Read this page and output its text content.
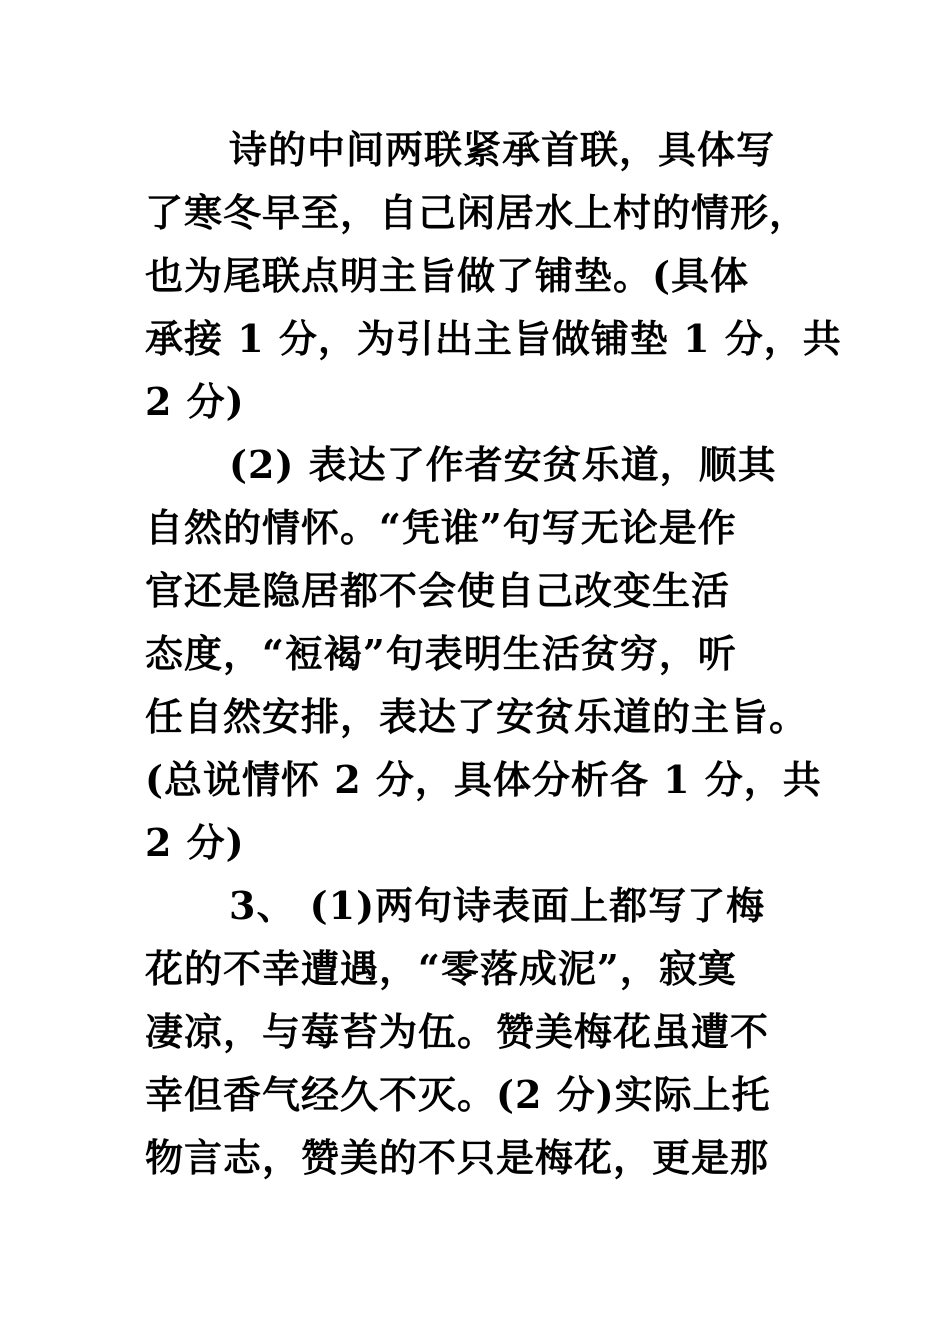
诗的中间两联紧承首联，具体写
了寒冬早至，自己闲居水上村的情形，
也为尾联点明主旨做了铺垫。(具体
承接 1 分，为引出主旨做铺垫 1 分，共
2 分)
(2) 表达了作者安贫乐道，顺其
自然的情怀。“凭谁”句写无论是作
官还是隐居都不会使自己改变生活
态度，“裋褐”句表明生活贫穷，听
任自然安排，表达了安贫乐道的主旨。
(总说情怀 2 分，具体分析各 1 分，共
2 分)
3、 (1)两句诗表面上都写了梅
花的不幸遭遇，“零落成泥”，寂寞
凄凉，与莓苔为伍。赞美梅花虽遭不
幸但香气经久不灭。(2 分)实际上托
物言志，赞美的不只是梅花，更是那
